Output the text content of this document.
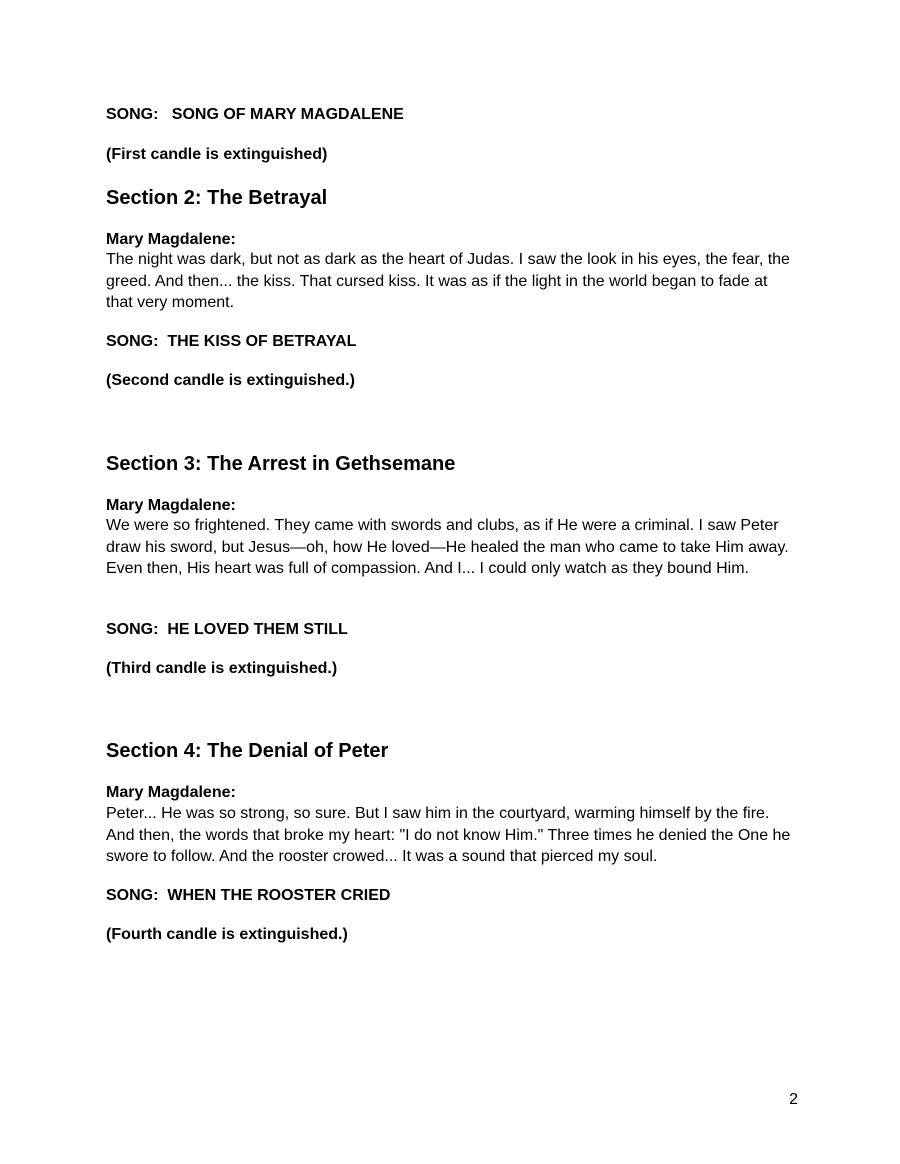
SONG:   SONG OF MARY MAGDALENE

(First candle is extinguished)

Section 2: The Betrayal

Mary Magdalene:

The night was dark, but not as dark as the heart of Judas. I saw the look in his eyes, the fear, the greed. And then... the kiss. That cursed kiss. It was as if the light in the world began to fade at that very moment.

SONG:  THE KISS OF BETRAYAL

(Second candle is extinguished.)

Section 3: The Arrest in Gethsemane

Mary Magdalene:

We were so frightened. They came with swords and clubs, as if He were a criminal. I saw Peter draw his sword, but Jesus—oh, how He loved—He healed the man who came to take Him away. Even then, His heart was full of compassion. And I... I could only watch as they bound Him.

SONG:  HE LOVED THEM STILL

(Third candle is extinguished.)

Section 4: The Denial of Peter

Mary Magdalene:

Peter... He was so strong, so sure. But I saw him in the courtyard, warming himself by the fire. And then, the words that broke my heart: "I do not know Him." Three times he denied the One he swore to follow. And the rooster crowed... It was a sound that pierced my soul.

SONG:  WHEN THE ROOSTER CRIED

(Fourth candle is extinguished.)

2
